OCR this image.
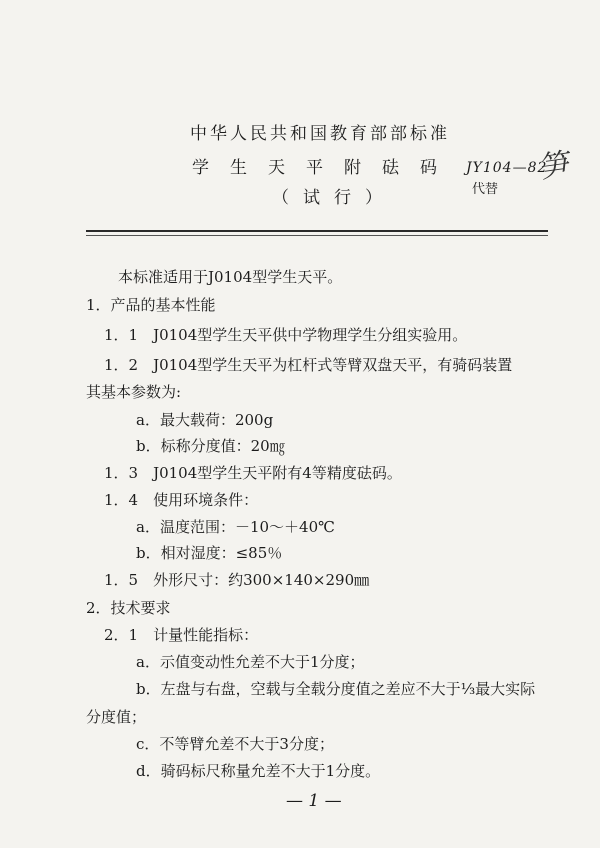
中华人民共和国教育部部标准
学生天平附砝码 JY104—82
代替
（试行）
笋
本标准适用于J0104型学生天平。
1．产品的基本性能
1．1　J0104型学生天平供中学物理学生分组实验用。
1．2　J0104型学生天平为杠杆式等臂双盘天平，有骑码装置
其基本参数为:
a．最大载荷：200g
b．标称分度值：20㎎
1．3　J0104型学生天平附有4等精度砝码。
1．4　使用环境条件：
a．温度范围：－10～＋40℃
b．相对湿度：≤85％
1．5　外形尺寸：约300×140×290㎜
2．技术要求
2．1　计量性能指标：
a．示值变动性允差不大于1分度；
b．左盘与右盘，空载与全载分度值之差应不大于⅓最大实际
分度值；
c．不等臂允差不大于3分度；
d．骑码标尺称量允差不大于1分度。
— 1 —
